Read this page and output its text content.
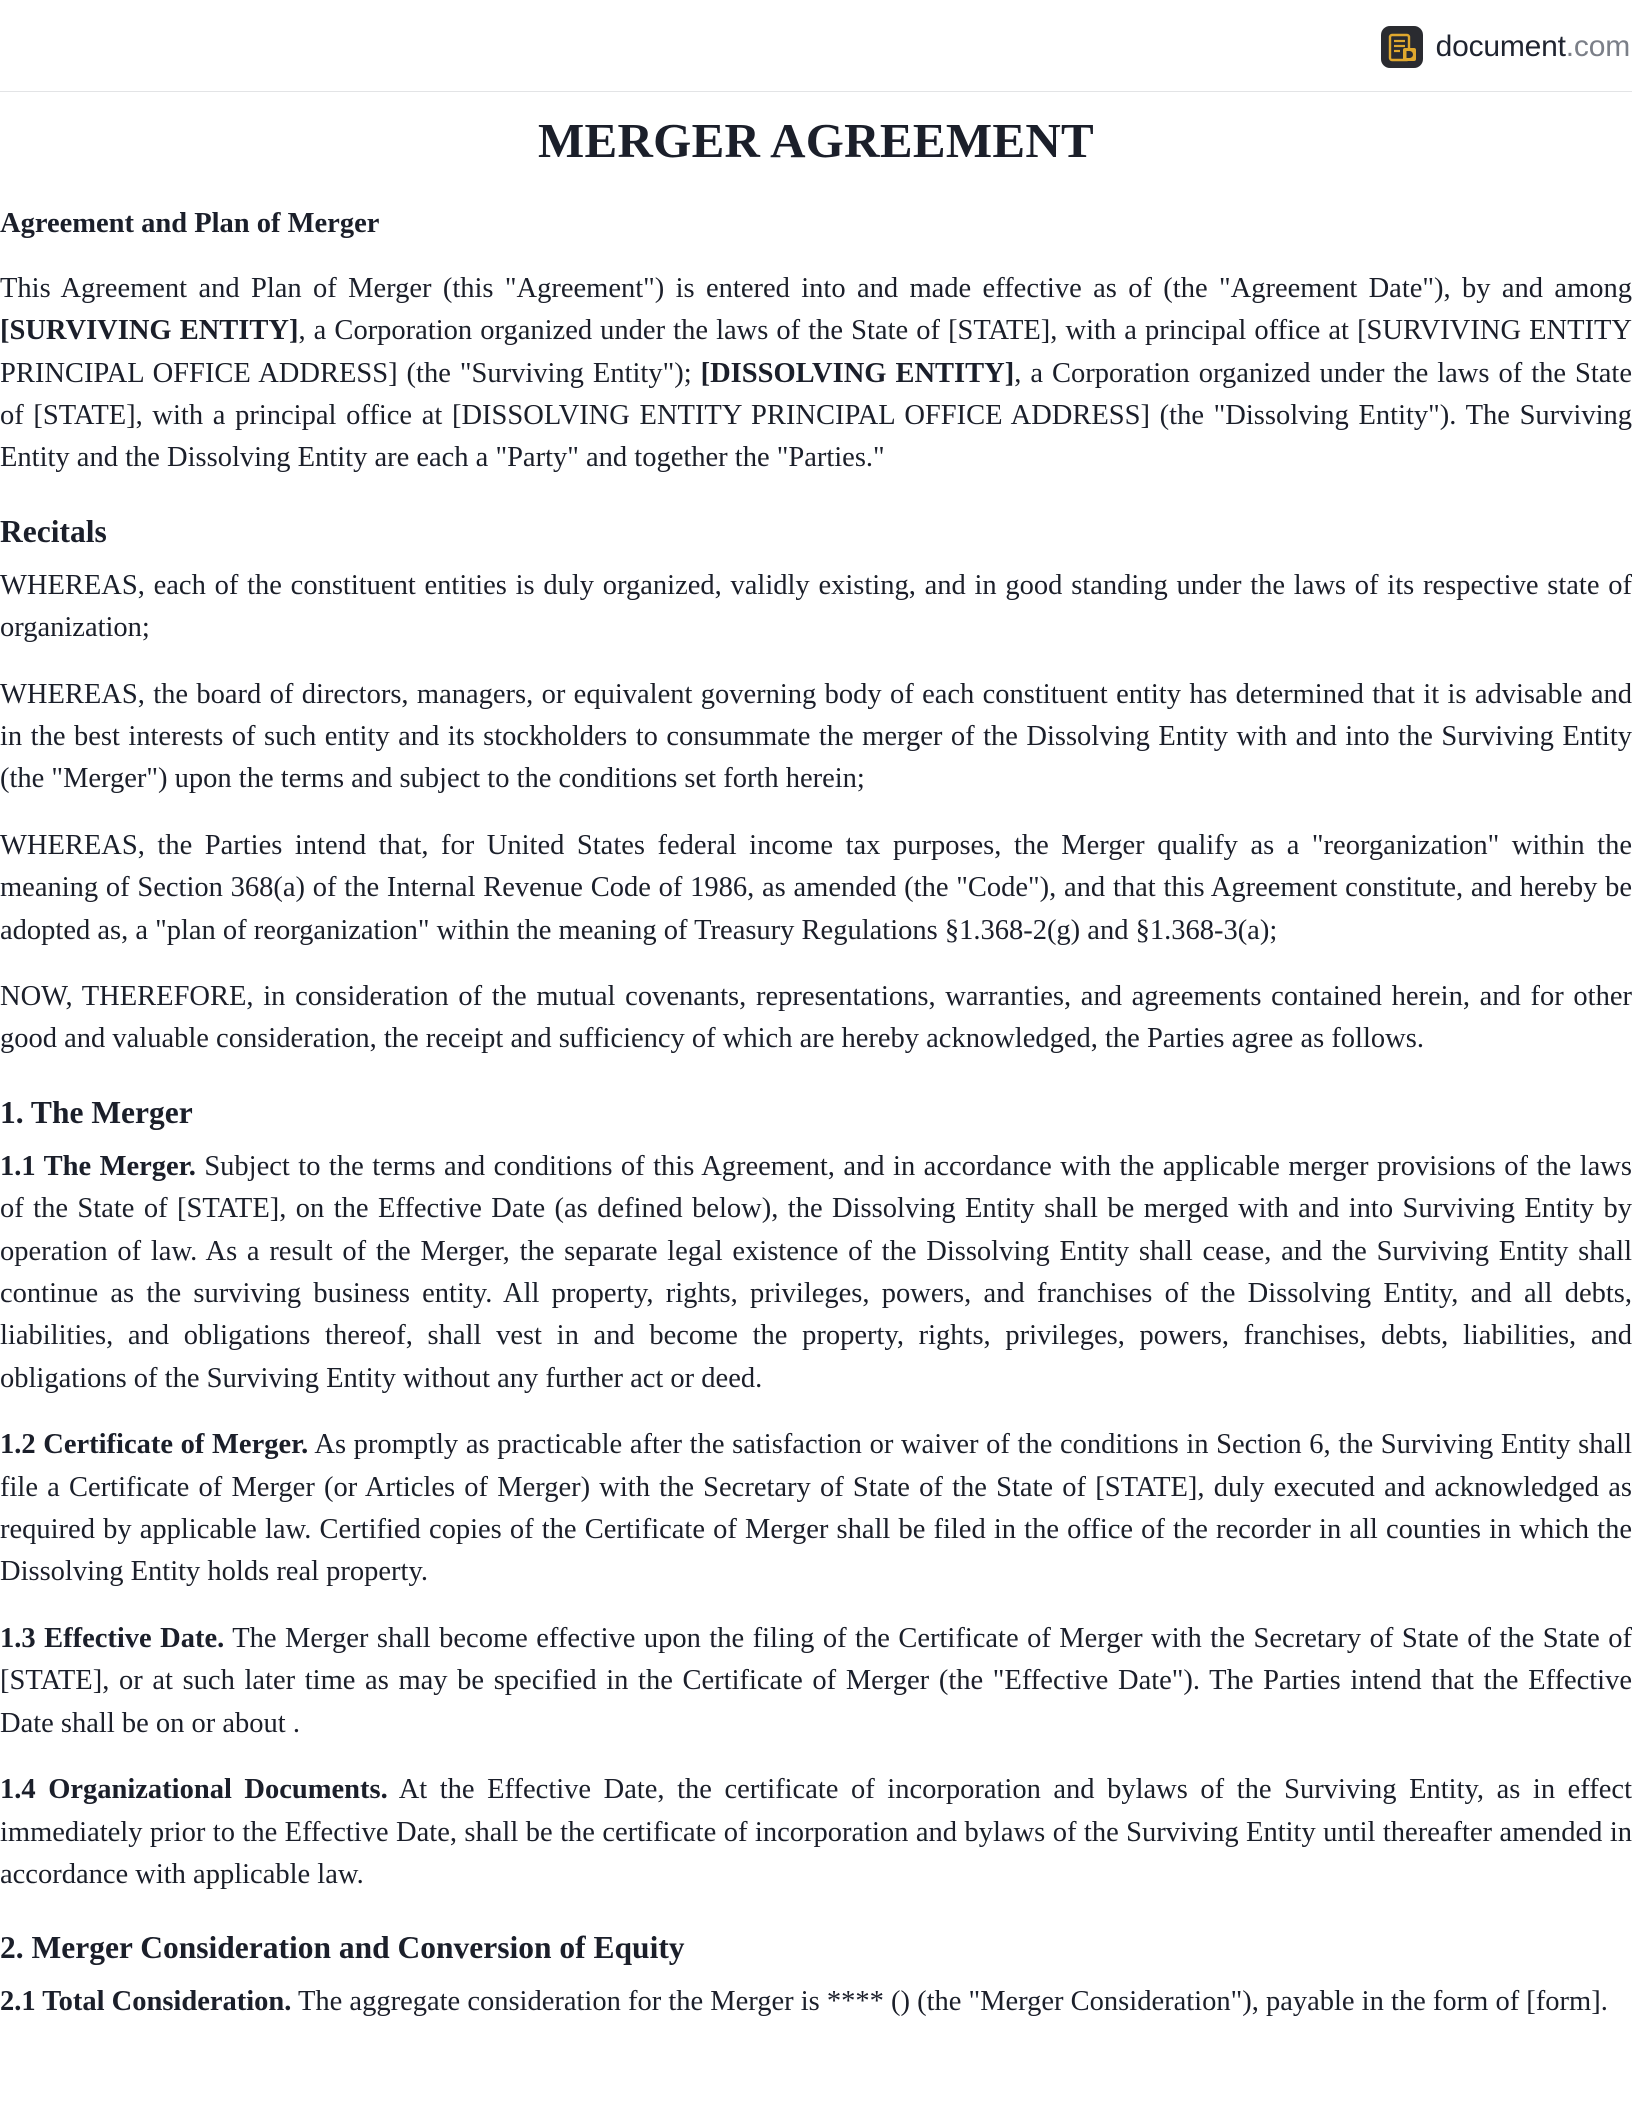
document.com
MERGER AGREEMENT
Agreement and Plan of Merger

This Agreement and Plan of Merger (this "Agreement") is entered into and made effective as of (the "Agreement Date"), by and among [SURVIVING ENTITY], a Corporation organized under the laws of the State of [STATE], with a principal office at [SURVIVING ENTITY PRINCIPAL OFFICE ADDRESS] (the "Surviving Entity"); [DISSOLVING ENTITY], a Corporation organized under the laws of the State of [STATE], with a principal office at [DISSOLVING ENTITY PRINCIPAL OFFICE ADDRESS] (the "Dissolving Entity"). The Surviving Entity and the Dissolving Entity are each a "Party" and together the "Parties."

Recitals

WHEREAS, each of the constituent entities is duly organized, validly existing, and in good standing under the laws of its respective state of organization;

WHEREAS, the board of directors, managers, or equivalent governing body of each constituent entity has determined that it is advisable and in the best interests of such entity and its stockholders to consummate the merger of the Dissolving Entity with and into the Surviving Entity (the "Merger") upon the terms and subject to the conditions set forth herein;

WHEREAS, the Parties intend that, for United States federal income tax purposes, the Merger qualify as a "reorganization" within the meaning of Section 368(a) of the Internal Revenue Code of 1986, as amended (the "Code"), and that this Agreement constitute, and hereby be adopted as, a "plan of reorganization" within the meaning of Treasury Regulations §1.368-2(g) and §1.368-3(a);

NOW, THEREFORE, in consideration of the mutual covenants, representations, warranties, and agreements contained herein, and for other good and valuable consideration, the receipt and sufficiency of which are hereby acknowledged, the Parties agree as follows.

1. The Merger

1.1 The Merger. Subject to the terms and conditions of this Agreement, and in accordance with the applicable merger provisions of the laws of the State of [STATE], on the Effective Date (as defined below), the Dissolving Entity shall be merged with and into Surviving Entity by operation of law. As a result of the Merger, the separate legal existence of the Dissolving Entity shall cease, and the Surviving Entity shall continue as the surviving business entity. All property, rights, privileges, powers, and franchises of the Dissolving Entity, and all debts, liabilities, and obligations thereof, shall vest in and become the property, rights, privileges, powers, franchises, debts, liabilities, and obligations of the Surviving Entity without any further act or deed.

1.2 Certificate of Merger. As promptly as practicable after the satisfaction or waiver of the conditions in Section 6, the Surviving Entity shall file a Certificate of Merger (or Articles of Merger) with the Secretary of State of the State of [STATE], duly executed and acknowledged as required by applicable law. Certified copies of the Certificate of Merger shall be filed in the office of the recorder in all counties in which the Dissolving Entity holds real property.

1.3 Effective Date. The Merger shall become effective upon the filing of the Certificate of Merger with the Secretary of State of the State of [STATE], or at such later time as may be specified in the Certificate of Merger (the "Effective Date"). The Parties intend that the Effective Date shall be on or about .

1.4 Organizational Documents. At the Effective Date, the certificate of incorporation and bylaws of the Surviving Entity, as in effect immediately prior to the Effective Date, shall be the certificate of incorporation and bylaws of the Surviving Entity until thereafter amended in accordance with applicable law.

2. Merger Consideration and Conversion of Equity

2.1 Total Consideration. The aggregate consideration for the Merger is **** () (the "Merger Consideration"), payable in the form of [form].
